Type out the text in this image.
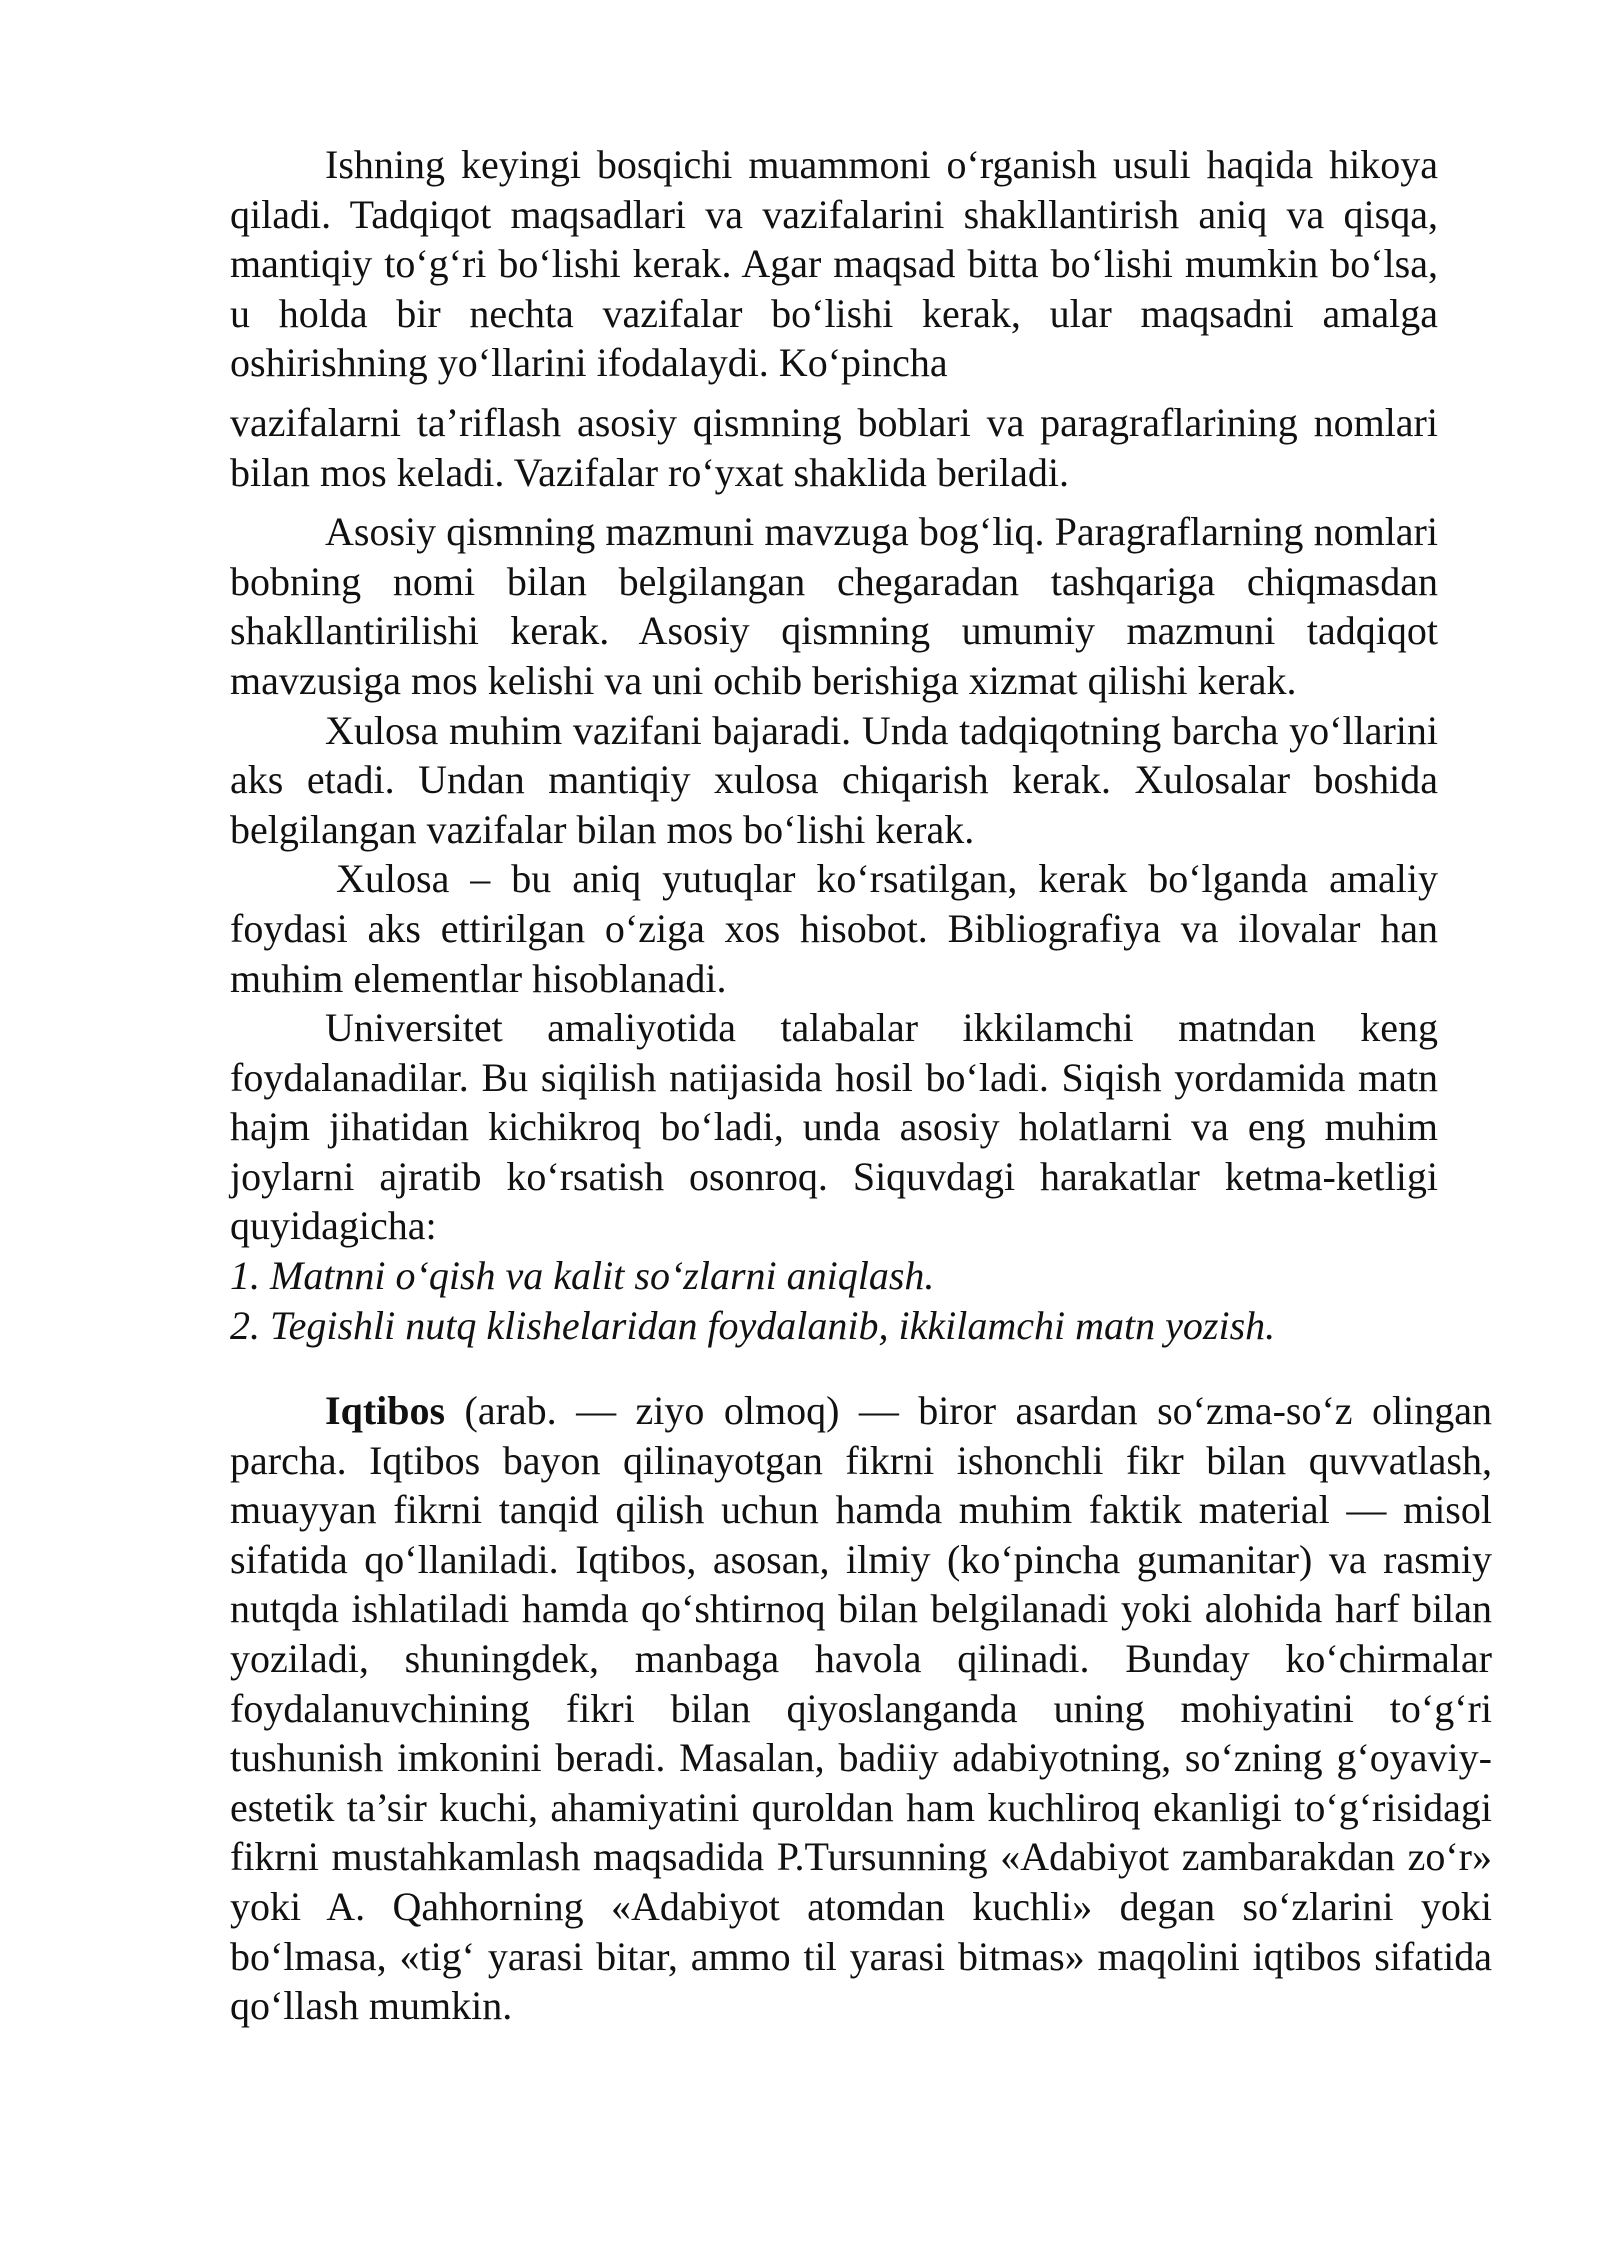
Ishning keyingi bosqichi muammoni o‘rganish usuli haqida hikoya qiladi. Tadqiqot maqsadlari va vazifalarini shakllantirish aniq va qisqa, mantiqiy to‘g‘ri bo‘lishi kerak. Agar maqsad bitta bo‘lishi mumkin bo‘lsa, u holda bir nechta vazifalar bo‘lishi kerak, ular maqsadni amalga oshirishning yo‘llarini ifodalaydi. Ko‘pincha

vazifalarni ta’riflash asosiy qismning boblari va paragraflarining nomlari bilan mos keladi. Vazifalar ro‘yxat shaklida beriladi.

Asosiy qismning mazmuni mavzuga bog‘liq. Paragraflarning nomlari bobning nomi bilan belgilangan chegaradan tashqariga chiqmasdan shakllantirilishi kerak. Asosiy qismning umumiy mazmuni tadqiqot mavzusiga mos kelishi va uni ochib berishiga xizmat qilishi kerak.

Xulosa muhim vazifani bajaradi. Unda tadqiqotning barcha yo‘llarini aks etadi. Undan mantiqiy xulosa chiqarish kerak. Xulosalar boshida belgilangan vazifalar bilan mos bo‘lishi kerak.

Xulosa – bu aniq yutuqlar ko‘rsatilgan, kerak bo‘lganda amaliy foydasi aks ettirilgan o‘ziga xos hisobot. Bibliografiya va ilovalar han muhim elementlar hisoblanadi.

Universitet amaliyotida talabalar ikkilamchi matndan keng foydalanadilar. Bu siqilish natijasida hosil bo‘ladi. Siqish yordamida matn hajm jihatidan kichikroq bo‘ladi, unda asosiy holatlarni va eng muhim joylarni ajratib ko‘rsatish osonroq. Siquvdagi harakatlar ketma-ketligi quyidagicha:

1. Matnni o‘qish va kalit so‘zlarni aniqlash.

2. Tegishli nutq klishelaridan foydalanib, ikkilamchi matn yozish.

Iqtibos (arab. — ziyo olmoq) — biror asardan so‘zma-so‘z olingan parcha. Iqtibos bayon qilinayotgan fikrni ishonchli fikr bilan quvvatlash, muayyan fikrni tanqid qilish uchun hamda muhim faktik material — misol sifatida qo‘llaniladi. Iqtibos, asosan, ilmiy (ko‘pincha gumanitar) va rasmiy nutqda ishlatiladi hamda qo‘shtirnoq bilan belgilanadi yoki alohida harf bilan yoziladi, shuningdek, manbaga havola qilinadi. Bunday ko‘chirmalar foydalanuvchining fikri bilan qiyoslanganda uning mohiyatini to‘g‘ri tushunish imkonini beradi. Masalan, badiiy adabiyotning, so‘zning g‘oyaviy-estetik ta’sir kuchi, ahamiyatini quroldan ham kuchliroq ekanligi to‘g‘risidagi fikrni mustahkamlash maqsadida P.Tursunning «Adabiyot zambarakdan zo‘r» yoki A. Qahhorning «Adabiyot atomdan kuchli» degan so‘zlarini yoki bo‘lmasa, «tig‘ yarasi bitar, ammo til yarasi bitmas» maqolini iqtibos sifatida qo‘llash mumkin.
